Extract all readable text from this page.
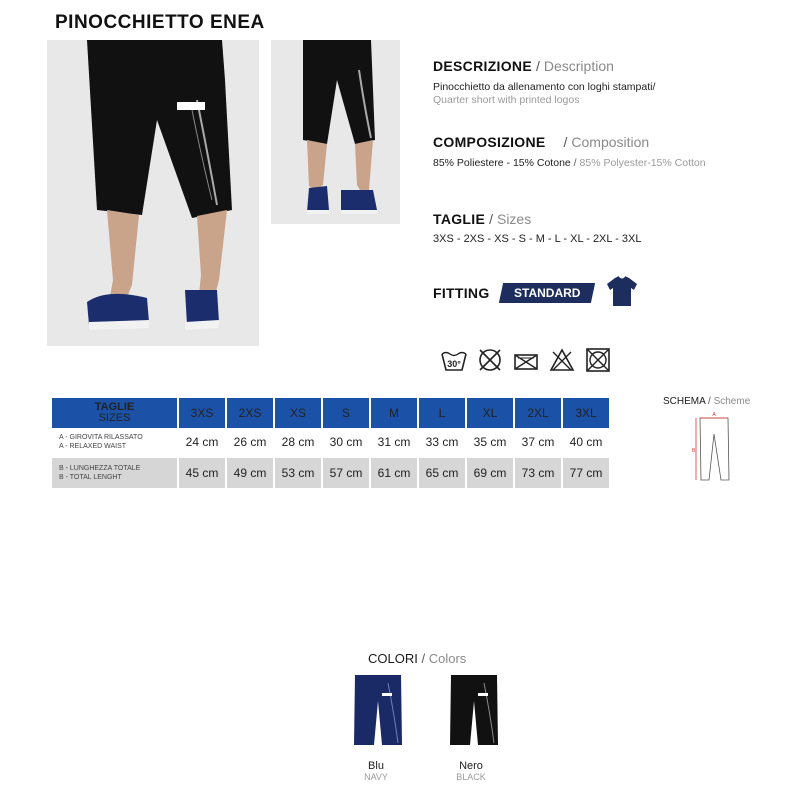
PINOCCHIETTO ENEA
DESCRIZIONE / Description
Pinocchietto da allenamento con loghi stampati/
Quarter short with printed logos
COMPOSIZIONE / Composition
85% Poliestere - 15% Cotone / 85% Polyester-15% Cotton
TAGLIE / Sizes
3XS - 2XS - XS - S - M - L - XL - 2XL - 3XL
FITTING	STANDARD
30°
TAGLIE
SIZES	3XS	2XS	XS	S	M	L	XL	2XL	3XL

A - GIROVITA RILASSATO
A - RELAXED WAIST	24 cm	26 cm	28 cm	30 cm	31 cm	33 cm	35 cm	37 cm	40 cm

B - LUNGHEZZA TOTALE
B - TOTAL LENGHT	45 cm	49 cm	53 cm	57 cm	61 cm	65 cm	69 cm	73 cm	77 cm
SCHEMA / Scheme
A
B
COLORI / Colors
Blu
NAVY
Nero
BLACK
